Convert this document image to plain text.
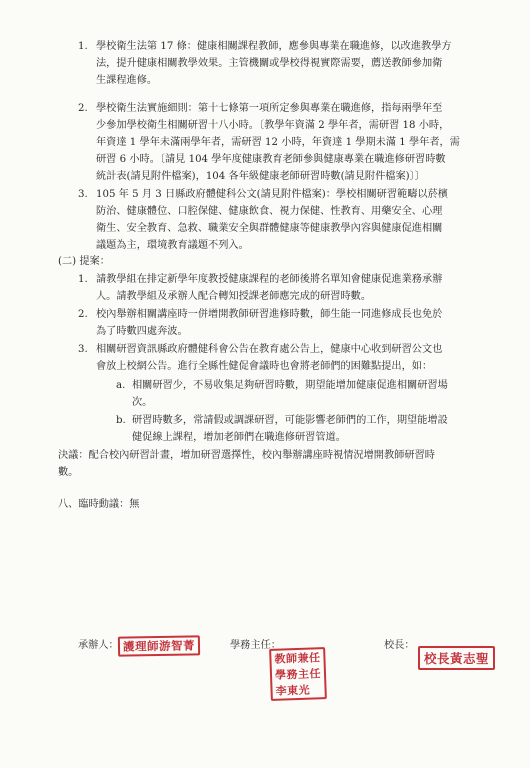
1. 學校衛生法第 17 條：健康相關課程教師，應參與專業在職進修，以改進教學方
法，提升健康相關教學效果。主管機關或學校得視實際需要，薦送教師參加衛
生課程進修。
2. 學校衛生法實施細則：第十七條第一項所定參與專業在職進修，指每兩學年至
少參加學校衛生相關研習十八小時。〔教學年資滿 2 學年者，需研習 18 小時，
年資達 1 學年未滿兩學年者，需研習 12 小時，年資達 1 學期未滿 1 學年者，需
研習 6 小時。〔請見 104 學年度健康教育老師參與健康專業在職進修研習時數
統計表(請見附件檔案)，104 各年級健康老師研習時數(請見附件檔案)〕〕
3. 105 年 5 月 3 日縣政府體健科公文(請見附件檔案)：學校相關研習範疇以菸檳
防治、健康體位、口腔保健、健康飲食、視力保健、性教育、用藥安全、心理
衛生、安全教育、急救、職業安全與群體健康等健康教學內容與健康促進相關
議題為主，環境教育議題不列入。
(二) 提案：
1. 請教學組在排定新學年度教授健康課程的老師後將名單知會健康促進業務承辦
人。請教學組及承辦人配合轉知授課老師應完成的研習時數。
2. 校內舉辦相關講座時一併增開教師研習進修時數，師生能一同進修成長也免於
為了時數四處奔波。
3. 相關研習資訊縣政府體健科會公告在教育處公告上，健康中心收到研習公文也
會放上校網公告。進行全縣性健促會議時也會將老師們的困難點提出，如：
a. 相關研習少，不易收集足夠研習時數，期望能增加健康促進相關研習場
次。
b. 研習時數多，常請假或調課研習，可能影響老師們的工作，期望能增設
健促線上課程，增加老師們在職進修研習管道。
決議：配合校內研習計畫，增加研習選擇性，校內舉辦講座時視情況增開教師研習時
數。
八、臨時動議：無
承辦人： 護理師游智菁	學務主任：
教師兼任
學務主任
李東光
校長：
校長黃志聖
